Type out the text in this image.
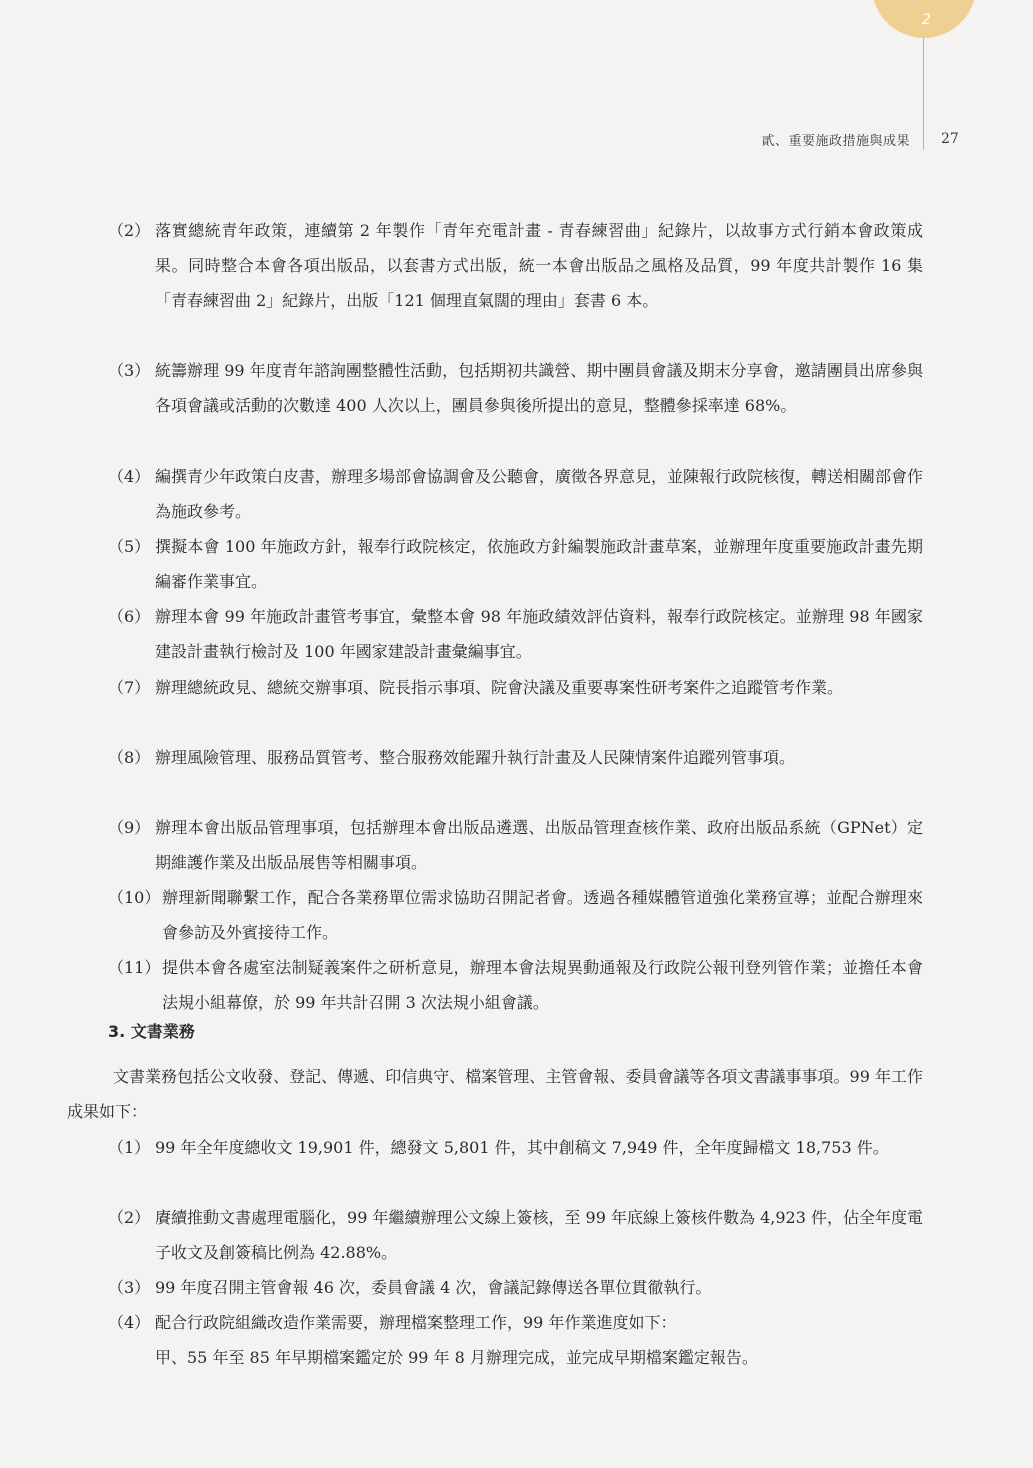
2
貳、重要施政措施與成果 27
（2） 落實總統青年政策，連續第 2 年製作「青年充電計畫 - 青春練習曲」紀錄片，以故事方式行銷本會政策成果。同時整合本會各項出版品，以套書方式出版，統一本會出版品之風格及品質，99 年度共計製作 16 集「青春練習曲 2」紀錄片，出版「121 個理直氣闊的理由」套書 6 本。
（3） 統籌辦理 99 年度青年諮詢團整體性活動，包括期初共識營、期中團員會議及期末分享會，邀請團員出席參與各項會議或活動的次數達 400 人次以上，團員參與後所提出的意見，整體參採率達 68%。
（4） 編撰青少年政策白皮書，辦理多場部會協調會及公聽會，廣徵各界意見，並陳報行政院核復，轉送相關部會作為施政參考。
（5） 撰擬本會 100 年施政方針，報奉行政院核定，依施政方針編製施政計畫草案，並辦理年度重要施政計畫先期編審作業事宜。
（6） 辦理本會 99 年施政計畫管考事宜，彙整本會 98 年施政績效評估資料，報奉行政院核定。並辦理 98 年國家建設計畫執行檢討及 100 年國家建設計畫彙編事宜。
（7） 辦理總統政見、總統交辦事項、院長指示事項、院會決議及重要專案性研考案件之追蹤管考作業。
（8） 辦理風險管理、服務品質管考、整合服務效能躍升執行計畫及人民陳情案件追蹤列管事項。
（9） 辦理本會出版品管理事項，包括辦理本會出版品遴選、出版品管理查核作業、政府出版品系統（GPNet）定期維護作業及出版品展售等相關事項。
（10） 辦理新聞聯繫工作，配合各業務單位需求協助召開記者會。透過各種媒體管道強化業務宣導；並配合辦理來會參訪及外賓接待工作。
（11） 提供本會各處室法制疑義案件之研析意見，辦理本會法規異動通報及行政院公報刊登列管作業；並擔任本會法規小組幕僚，於 99 年共計召開 3 次法規小組會議。
3. 文書業務
文書業務包括公文收發、登記、傳遞、印信典守、檔案管理、主管會報、委員會議等各項文書議事事項。99 年工作成果如下：
（1） 99 年全年度總收文 19,901 件，總發文 5,801 件，其中創稿文 7,949 件，全年度歸檔文 18,753 件。
（2） 賡續推動文書處理電腦化，99 年繼續辦理公文線上簽核，至 99 年底線上簽核件數為 4,923 件，佔全年度電子收文及創簽稿比例為 42.88%。
（3） 99 年度召開主管會報 46 次，委員會議 4 次，會議記錄傳送各單位貫徹執行。
（4） 配合行政院組織改造作業需要，辦理檔案整理工作，99 年作業進度如下：
甲、55 年至 85 年早期檔案鑑定於 99 年 8 月辦理完成，並完成早期檔案鑑定報告。
